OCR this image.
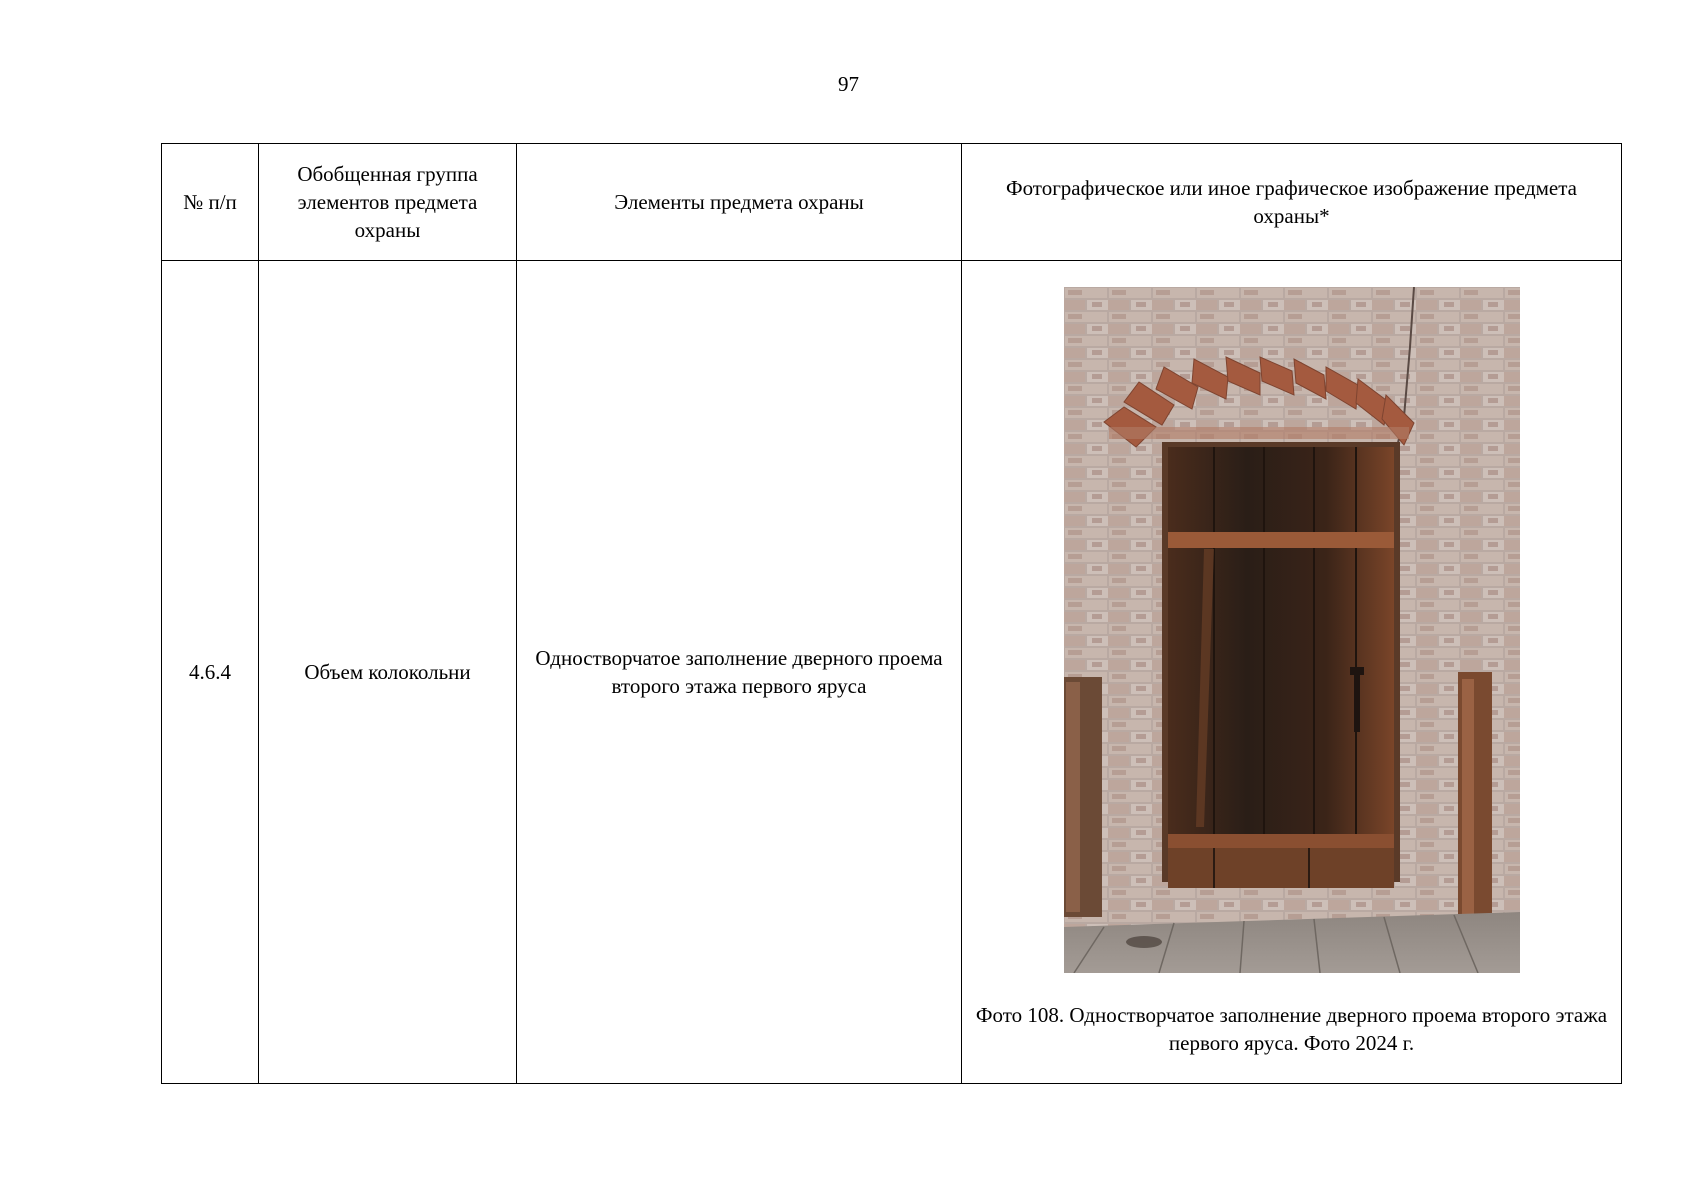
97
№ п/п	Обобщенная группа элементов предмета охраны	Элементы предмета охраны	Фотографическое или иное графическое изображение предмета охраны*
4.6.4	Объем колокольни	Одностворчатое заполнение дверного проема второго этажа первого яруса	Фото 108. Одностворчатое заполнение дверного проема второго этажа первого яруса. Фото 2024 г.
